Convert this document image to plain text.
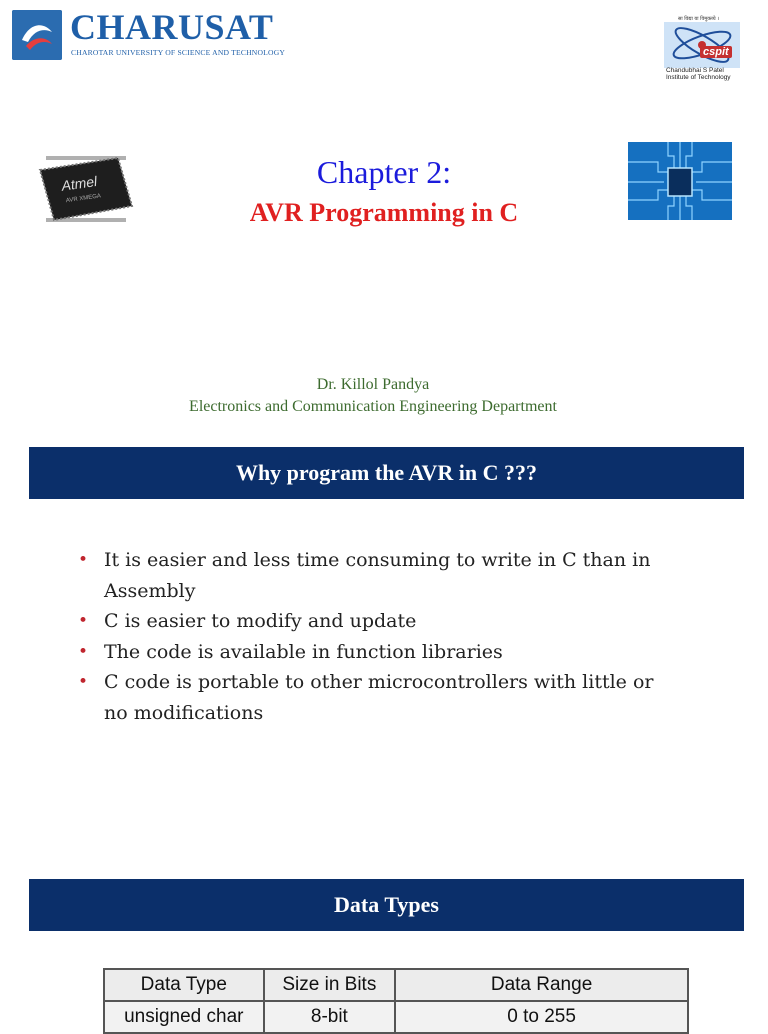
CHARUSAT
CHAROTAR UNIVERSITY OF SCIENCE AND TECHNOLOGY
सा विद्या या विमुक्तये ।
cspit
Chandubhai S Patel
Institute of Technology
Atmel
AVR XMEGA
Chapter 2:
AVR Programming in C
Dr. Killol Pandya
Electronics and Communication Engineering Department
Why program the AVR in C ???
• It is easier and less time consuming to write in C than in Assembly
• C is easier to modify and update
• The code is available in function libraries
• C code is portable to other microcontrollers with little or no modifications
Data Types
Data Type	Size in Bits	Data Range
unsigned char	8-bit	0 to 255
